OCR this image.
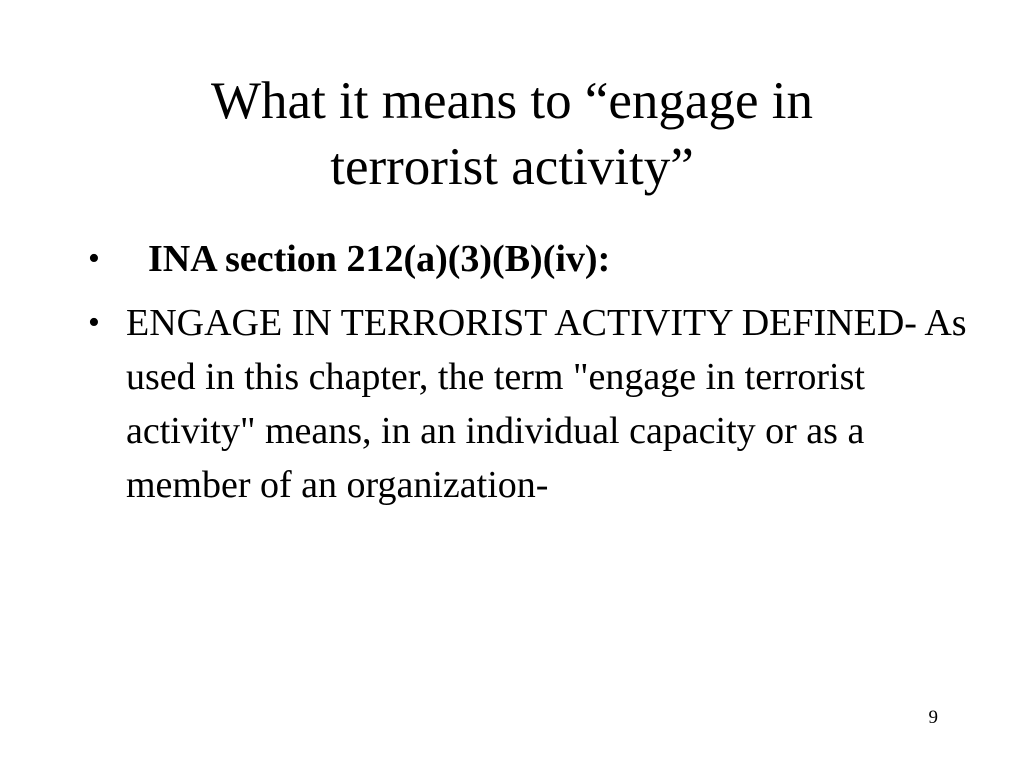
What it means to “engage in
terrorist activity”
• INA section 212(a)(3)(B)(iv):
• ENGAGE IN TERRORIST ACTIVITY DEFINED- As used in this chapter, the term "engage in terrorist activity" means, in an individual capacity or as a member of an organization-
9
